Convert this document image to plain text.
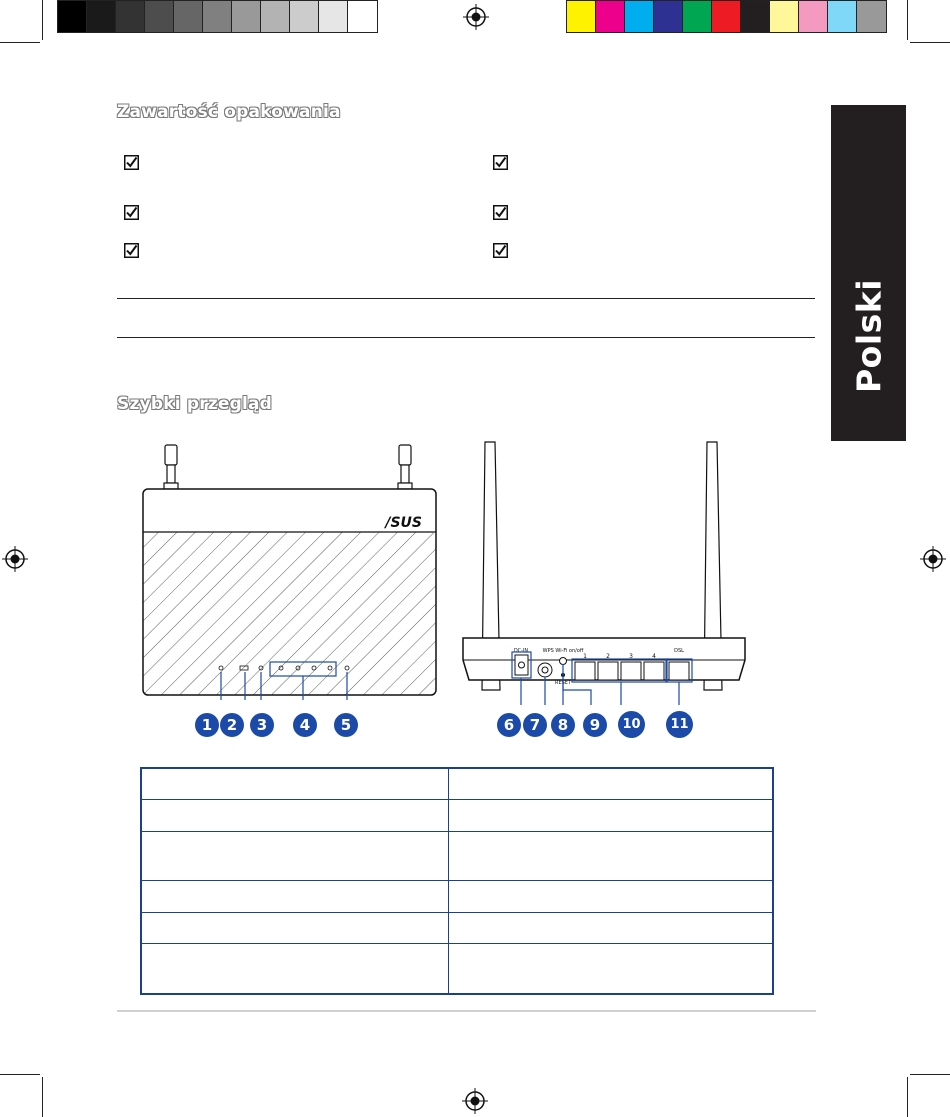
Polski
Zawartość opakowania
Szybki przegląd
/SUS
DC-IN	WPS Wi-Fi on/off
RESET
DSL
1	2	3	4
1 2	3	4	5	6	7	8	9	10	11
